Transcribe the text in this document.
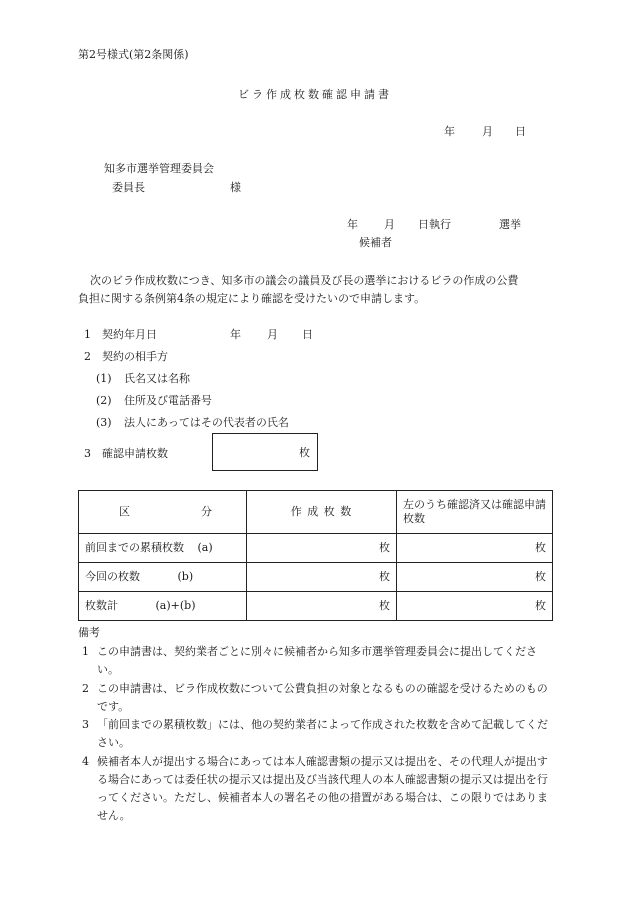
第2号様式(第2条関係)
ビラ作成枚数確認申請書
年 月 日
知多市選挙管理委員会
委員長	様
年 月 日執行	選挙
候補者
次のビラ作成枚数につき、知多市の議会の議員及び長の選挙におけるビラの作成の公費
負担に関する条例第4条の規定により確認を受けたいので申請します。
1 契約年月日	年 月 日
2 契約の相手方
(1) 氏名又は名称
(2) 住所及び電話番号
(3) 法人にあってはその代表者の氏名
3 確認申請枚数	枚
区 分	作 成 枚 数	左のうち確認済又は確認申請枚数
前回までの累積枚数 (a)	枚	枚
今回の枚数 (b)	枚	枚
枚数計 (a)+(b)	枚	枚
備考
1 この申請書は、契約業者ごとに別々に候補者から知多市選挙管理委員会に提出してください。
2 この申請書は、ビラ作成枚数について公費負担の対象となるものの確認を受けるためのものです。
3 「前回までの累積枚数」には、他の契約業者によって作成された枚数を含めて記載してください。
4 候補者本人が提出する場合にあっては本人確認書類の提示又は提出を、その代理人が提出する場合にあっては委任状の提示又は提出及び当該代理人の本人確認書類の提示又は提出を行ってください。ただし、候補者本人の署名その他の措置がある場合は、この限りではありません。
